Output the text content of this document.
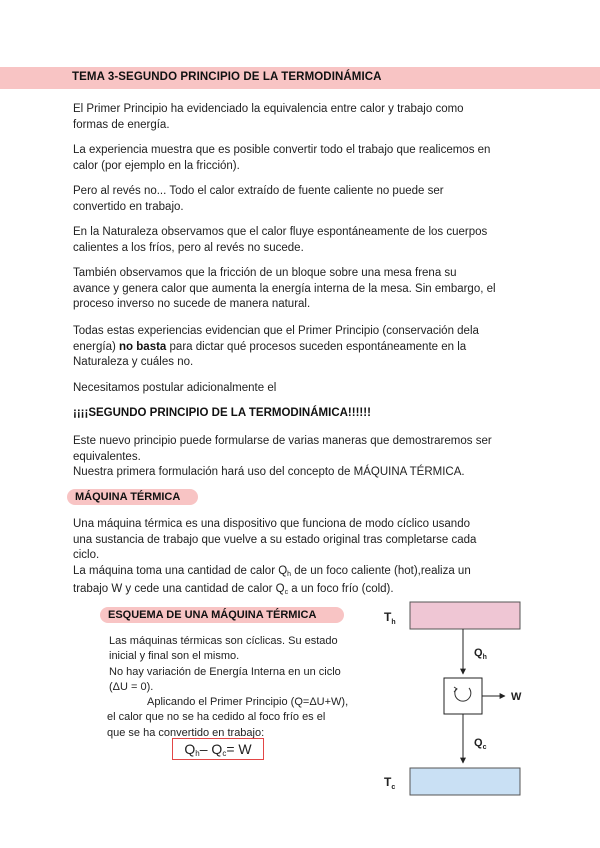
TEMA 3-SEGUNDO PRINCIPIO DE LA TERMODINÁMICA
El Primer Principio ha evidenciado la equivalencia entre calor y trabajo como
formas de energía.
La experiencia muestra que es posible convertir todo el trabajo que realicemos en
calor (por ejemplo en la fricción).
Pero al revés no... Todo el calor extraído de fuente caliente no puede ser
convertido en trabajo.
En la Naturaleza observamos que el calor fluye espontáneamente de los cuerpos
calientes a los fríos, pero al revés no sucede.
También observamos que la fricción de un bloque sobre una mesa frena su
avance y genera calor que aumenta la energía interna de la mesa. Sin embargo, el
proceso inverso no sucede de manera natural.
Todas estas experiencias evidencian que el Primer Principio (conservación dela
energía) no basta para dictar qué procesos suceden espontáneamente en la
Naturaleza y cuáles no.
Necesitamos postular adicionalmente el
¡¡¡¡SEGUNDO PRINCIPIO DE LA TERMODINÁMICA!!!!!!
Este nuevo principio puede formularse de varias maneras que demostraremos ser
equivalentes.
Nuestra primera formulación hará uso del concepto de MÁQUINA TÉRMICA.
MÁQUINA TÉRMICA
Una máquina térmica es una dispositivo que funciona de modo cíclico usando
una sustancia de trabajo que vuelve a su estado original tras completarse cada
ciclo.
La máquina toma una cantidad de calor $Q_h$ de un foco caliente (hot),realiza un
trabajo W y cede una cantidad de calor $Q_c$ a un foco frío (cold).
ESQUEMA DE UNA MÁQUINA TÉRMICA
Las máquinas térmicas son cíclicas. Su estado
inicial y final son el mismo.
No hay variación de Energía Interna en un ciclo
(ΔU = 0).
Aplicando el Primer Principio (Q=ΔU+W),
el calor que no se ha cedido al foco frío es el
que se ha convertido en trabajo:
$Q_h-$ $Q_c= W$
$T_h$
$Q_h$
W
$Q_c$
$T_c$
